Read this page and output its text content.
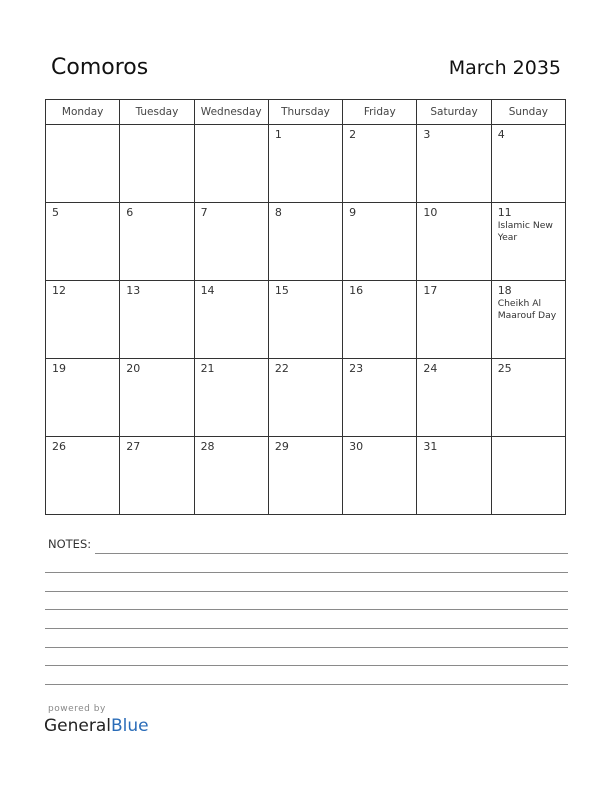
Comoros	March 2035
Monday	Tuesday	Wednesday	Thursday	Friday	Saturday	Sunday

			1	2	3	4

5	6	7	8	9	10	11
Islamic New Year

12	13	14	15	16	17	18
Cheikh Al Maarouf Day

19	20	21	22	23	24	25

26	27	28	29	30	31	

NOTES:
powered by
GeneralBlue
